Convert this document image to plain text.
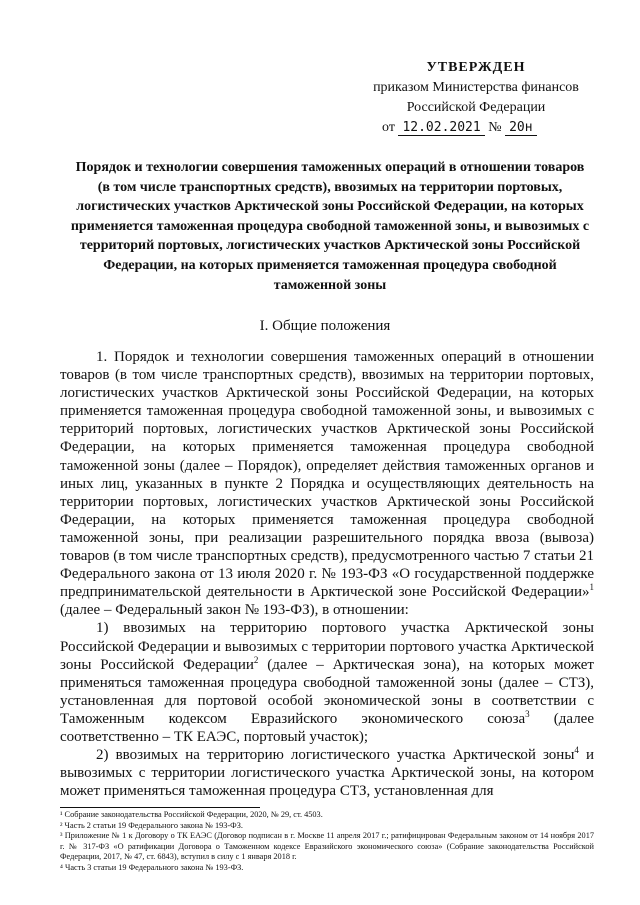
УТВЕРЖДЕН
приказом Министерства финансов
Российской Федерации
от 12.02.2021 № 20н
Порядок и технологии совершения таможенных операций в отношении товаров (в том числе транспортных средств), ввозимых на территории портовых, логистических участков Арктической зоны Российской Федерации, на которых применяется таможенная процедура свободной таможенной зоны, и вывозимых с территорий портовых, логистических участков Арктической зоны Российской Федерации, на которых применяется таможенная процедура свободной таможенной зоны
I. Общие положения

1. Порядок и технологии совершения таможенных операций в отношении товаров (в том числе транспортных средств), ввозимых на территории портовых, логистических участков Арктической зоны Российской Федерации, на которых применяется таможенная процедура свободной таможенной зоны, и вывозимых с территорий портовых, логистических участков Арктической зоны Российской Федерации, на которых применяется таможенная процедура свободной таможенной зоны (далее – Порядок), определяет действия таможенных органов и иных лиц, указанных в пункте 2 Порядка и осуществляющих деятельность на территории портовых, логистических участков Арктической зоны Российской Федерации, на которых применяется таможенная процедура свободной таможенной зоны, при реализации разрешительного порядка ввоза (вывоза) товаров (в том числе транспортных средств), предусмотренного частью 7 статьи 21 Федерального закона от 13 июля 2020 г. № 193-ФЗ «О государственной поддержке предпринимательской деятельности в Арктической зоне Российской Федерации»$^1$ (далее – Федеральный закон № 193-ФЗ), в отношении:

1) ввозимых на территорию портового участка Арктической зоны Российской Федерации и вывозимых с территории портового участка Арктической зоны Российской Федерации$^2$ (далее – Арктическая зона), на которых может применяться таможенная процедура свободной таможенной зоны (далее – СТЗ), установленная для портовой особой экономической зоны в соответствии с Таможенным кодексом Евразийского экономического союза$^3$ (далее соответственно – ТК ЕАЭС, портовый участок);

2) ввозимых на территорию логистического участка Арктической зоны$^4$ и вывозимых с территории логистического участка Арктической зоны, на котором может применяться таможенная процедура СТЗ, установленная для

¹ Собрание законодательства Российской Федерации, 2020, № 29, ст. 4503.

² Часть 2 статьи 19 Федерального закона № 193-ФЗ.

³ Приложение № 1 к Договору о ТК ЕАЭС (Договор подписан в г. Москве 11 апреля 2017 г.; ратифицирован Федеральным законом от 14 ноября 2017 г. № 317-ФЗ «О ратификации Договора о Таможенном кодексе Евразийского экономического союза» (Собрание законодательства Российской Федерации, 2017, № 47, ст. 6843), вступил в силу с 1 января 2018 г.

⁴ Часть 3 статьи 19 Федерального закона № 193-ФЗ.
